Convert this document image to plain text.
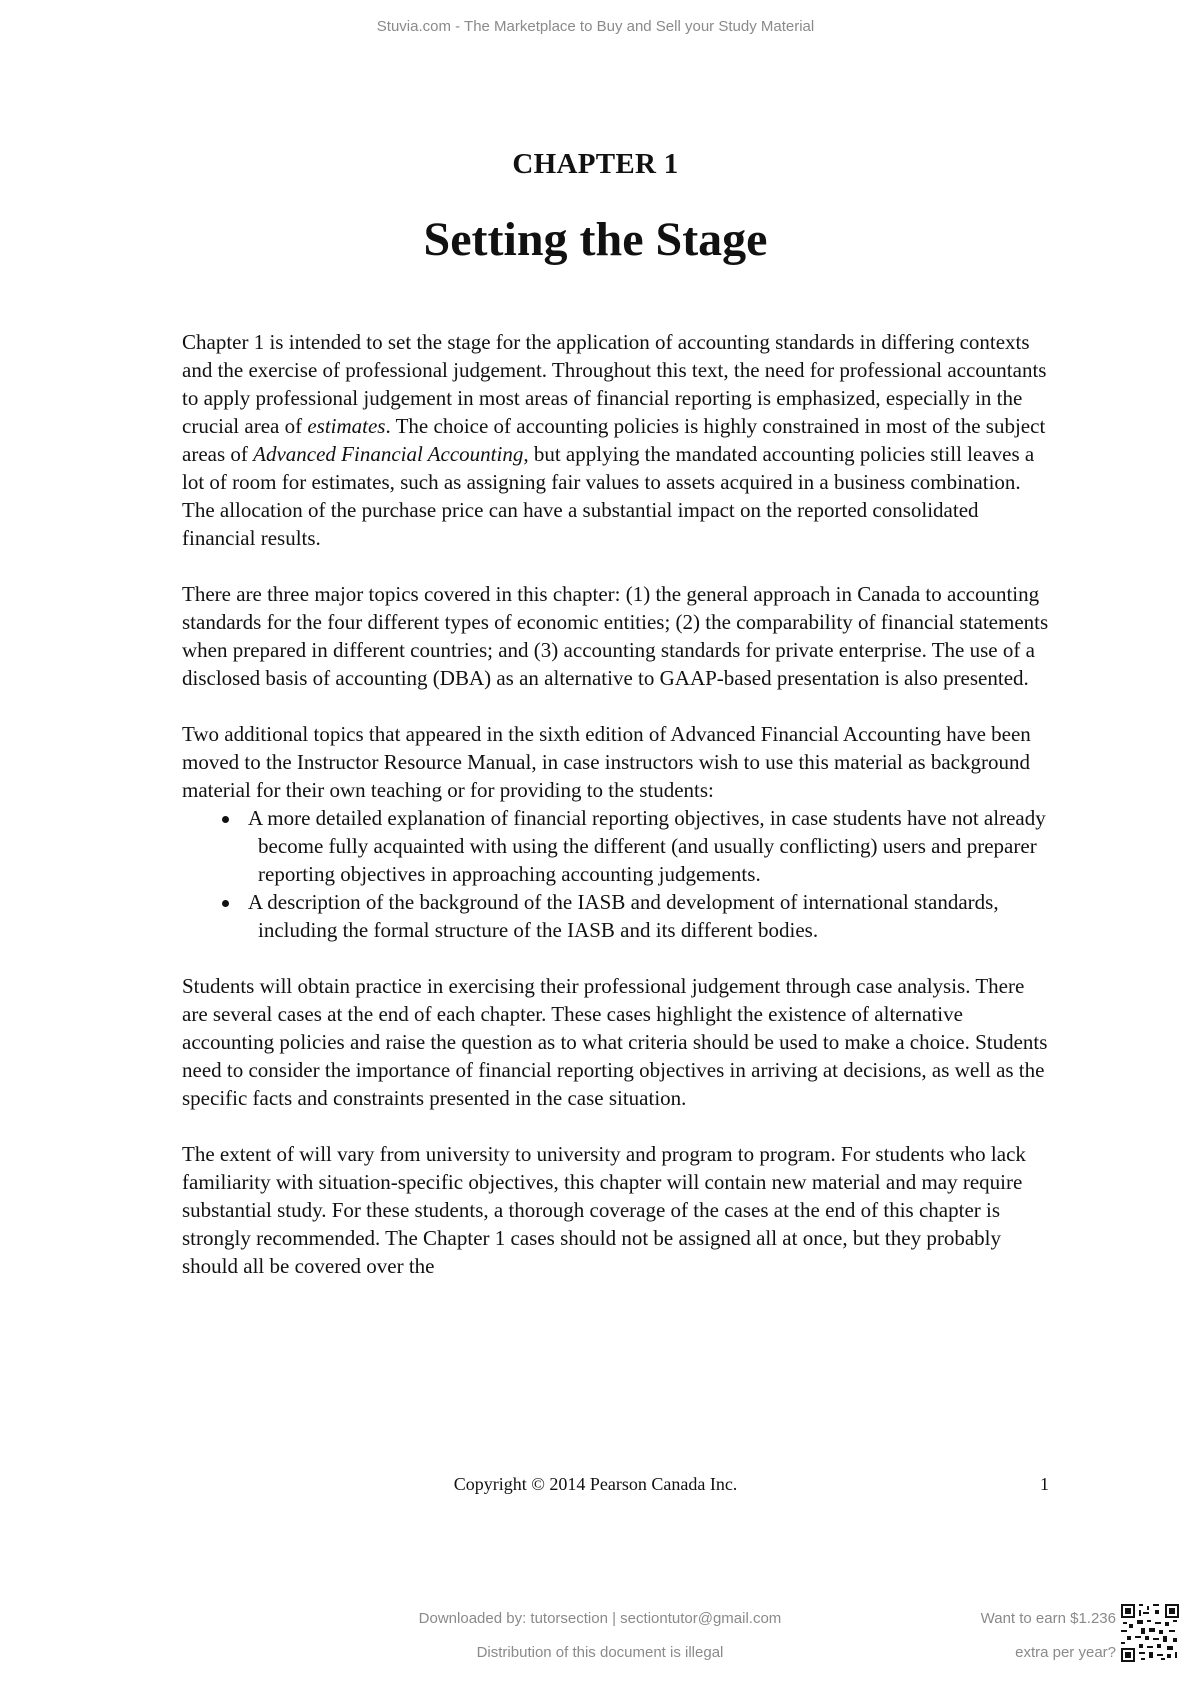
Stuvia.com - The Marketplace to Buy and Sell your Study Material
CHAPTER 1
Setting the Stage

Chapter 1 is intended to set the stage for the application of accounting standards in differing contexts and the exercise of professional judgement. Throughout this text, the need for professional accountants to apply professional judgement in most areas of financial reporting is emphasized, especially in the crucial area of estimates. The choice of accounting policies is highly constrained in most of the subject areas of Advanced Financial Accounting, but applying the mandated accounting policies still leaves a lot of room for estimates, such as assigning fair values to assets acquired in a business combination. The allocation of the purchase price can have a substantial impact on the reported consolidated financial results.

There are three major topics covered in this chapter: (1) the general approach in Canada to accounting standards for the four different types of economic entities; (2) the comparability of financial statements when prepared in different countries; and (3) accounting standards for private enterprise. The use of a disclosed basis of accounting (DBA) as an alternative to GAAP-based presentation is also presented.

Two additional topics that appeared in the sixth edition of Advanced Financial Accounting have been moved to the Instructor Resource Manual, in case instructors wish to use this material as background material for their own teaching or for providing to the students:

A more detailed explanation of financial reporting objectives, in case students have not already become fully acquainted with using the different (and usually conflicting) users and preparer reporting objectives in approaching accounting judgements.
A description of the background of the IASB and development of international standards, including the formal structure of the IASB and its different bodies.

Students will obtain practice in exercising their professional judgement through case analysis. There are several cases at the end of each chapter. These cases highlight the existence of alternative accounting policies and raise the question as to what criteria should be used to make a choice. Students need to consider the importance of financial reporting objectives in arriving at decisions, as well as the specific facts and constraints presented in the case situation.

The extent of will vary from university to university and program to program. For students who lack familiarity with situation-specific objectives, this chapter will contain new material and may require substantial study. For these students, a thorough coverage of the cases at the end of this chapter is strongly recommended. The Chapter 1 cases should not be assigned all at once, but they probably should all be covered over the

Copyright © 2014 Pearson Canada Inc.	1
Downloaded by: tutorsection | sectiontutor@gmail.com
Distribution of this document is illegal
Want to earn $1.236
extra per year?
